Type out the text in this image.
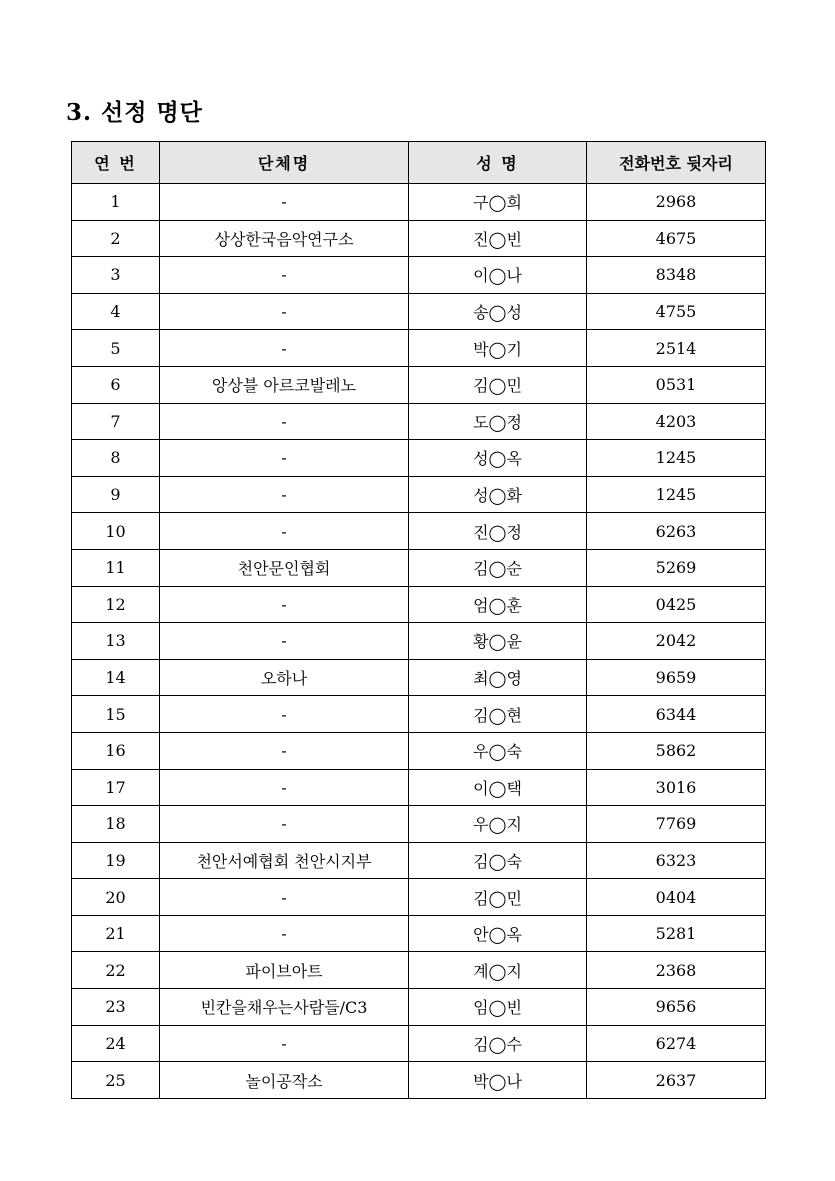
3. 선정 명단
연 번	단체명	성 명	전화번호 뒷자리
1	-	구◯희	2968
2	상상한국음악연구소	진◯빈	4675
3	-	이◯나	8348
4	-	송◯성	4755
5	-	박◯기	2514
6	앙상블 아르코발레노	김◯민	0531
7	-	도◯정	4203
8	-	성◯옥	1245
9	-	성◯화	1245
10	-	진◯정	6263
11	천안문인협회	김◯순	5269
12	-	엄◯훈	0425
13	-	황◯윤	2042
14	오하나	최◯영	9659
15	-	김◯현	6344
16	-	우◯숙	5862
17	-	이◯택	3016
18	-	우◯지	7769
19	천안서예협회 천안시지부	김◯숙	6323
20	-	김◯민	0404
21	-	안◯옥	5281
22	파이브아트	계◯지	2368
23	빈칸을채우는사람들/C3	임◯빈	9656
24	-	김◯수	6274
25	놀이공작소	박◯나	2637
